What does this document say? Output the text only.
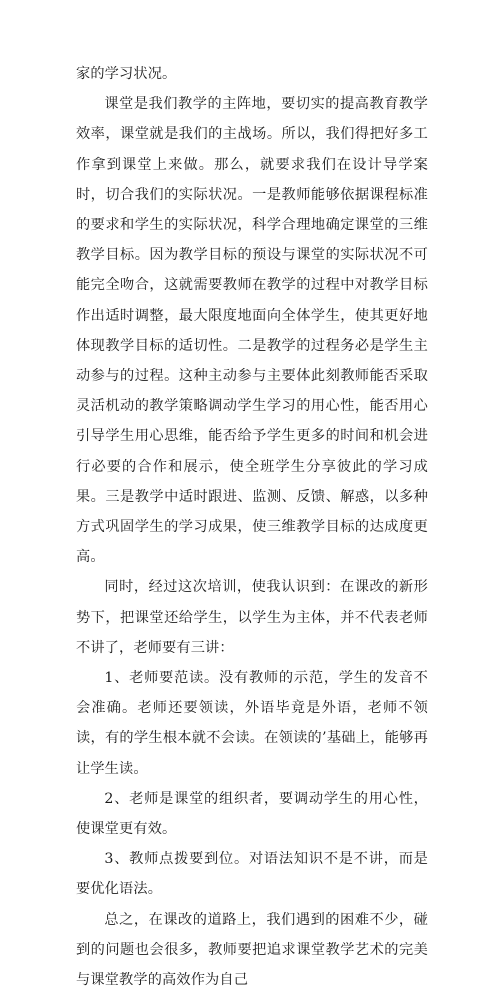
家的学习状况。

课堂是我们教学的主阵地，要切实的提高教育教学效率，课堂就是我们的主战场。所以，我们得把好多工作拿到课堂上来做。那么，就要求我们在设计导学案时，切合我们的实际状况。一是教师能够依据课程标准的要求和学生的实际状况，科学合理地确定课堂的三维教学目标。因为教学目标的预设与课堂的实际状况不可能完全吻合，这就需要教师在教学的过程中对教学目标作出适时调整，最大限度地面向全体学生，使其更好地体现教学目标的适切性。二是教学的过程务必是学生主动参与的过程。这种主动参与主要体此刻教师能否采取灵活机动的教学策略调动学生学习的用心性，能否用心引导学生用心思维，能否给予学生更多的时间和机会进行必要的合作和展示，使全班学生分享彼此的学习成果。三是教学中适时跟进、监测、反馈、解惑，以多种方式巩固学生的学习成果，使三维教学目标的达成度更高。

同时，经过这次培训，使我认识到：在课改的新形势下，把课堂还给学生，以学生为主体，并不代表老师不讲了，老师要有三讲：

1、老师要范读。没有教师的示范，学生的发音不会准确。老师还要领读，外语毕竟是外语，老师不领读，有的学生根本就不会读。在领读的’基础上，能够再让学生读。

2、老师是课堂的组织者，要调动学生的用心性，使课堂更有效。

3、教师点拨要到位。对语法知识不是不讲，而是要优化语法。

总之，在课改的道路上，我们遇到的困难不少，碰到的问题也会很多，教师要把追求课堂教学艺术的完美与课堂教学的高效作为自己
